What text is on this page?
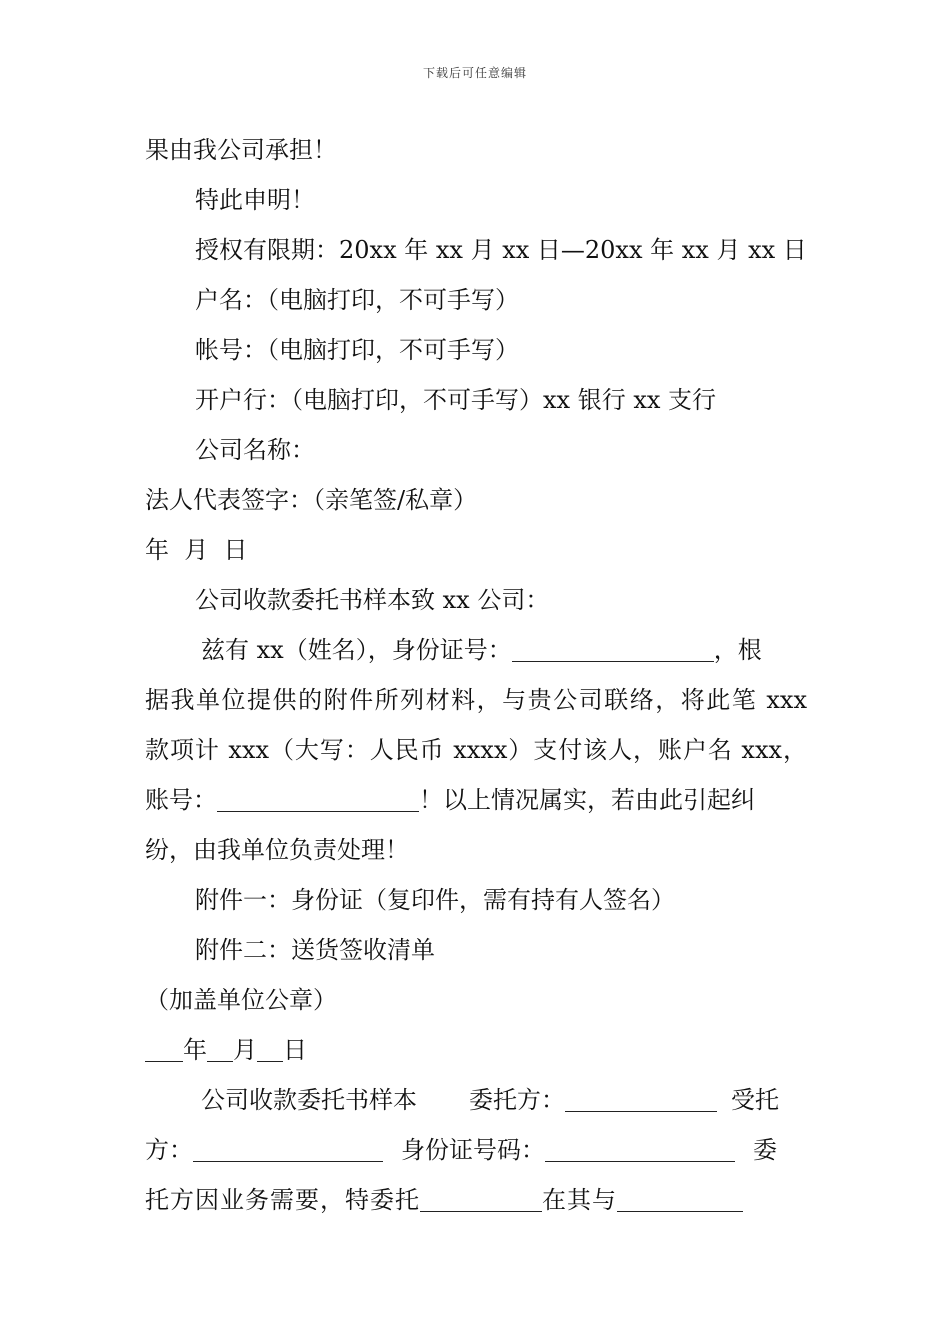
下载后可任意编辑
果由我公司承担！
特此申明！
授权有限期：20xx 年 xx 月 xx 日—20xx 年 xx 月 xx 日
户名：（电脑打印，不可手写）
帐号：（电脑打印，不可手写）
开户行：（电脑打印，不可手写）xx 银行 xx 支行
公司名称：
法人代表签字：（亲笔签/私章）
年  月  日
公司收款委托书样本致 xx 公司：
兹有 xx（姓名），身份证号：	，根
据我单位提供的附件所列材料，与贵公司联络，将此笔 xxx
款项计 xxx（大写：人民币 xxxx）支付该人，账户名 xxx，
账号：	！以上情况属实，若由此引起纠
纷，由我单位负责处理！
附件一：身份证（复印件，需有持有人签名）
附件二：送货签收清单
（加盖单位公章）
年 月 日
公司收款委托书样本 委托方：	受托
方：	身份证号码：	委
托方因业务需要，特委托	在其与
